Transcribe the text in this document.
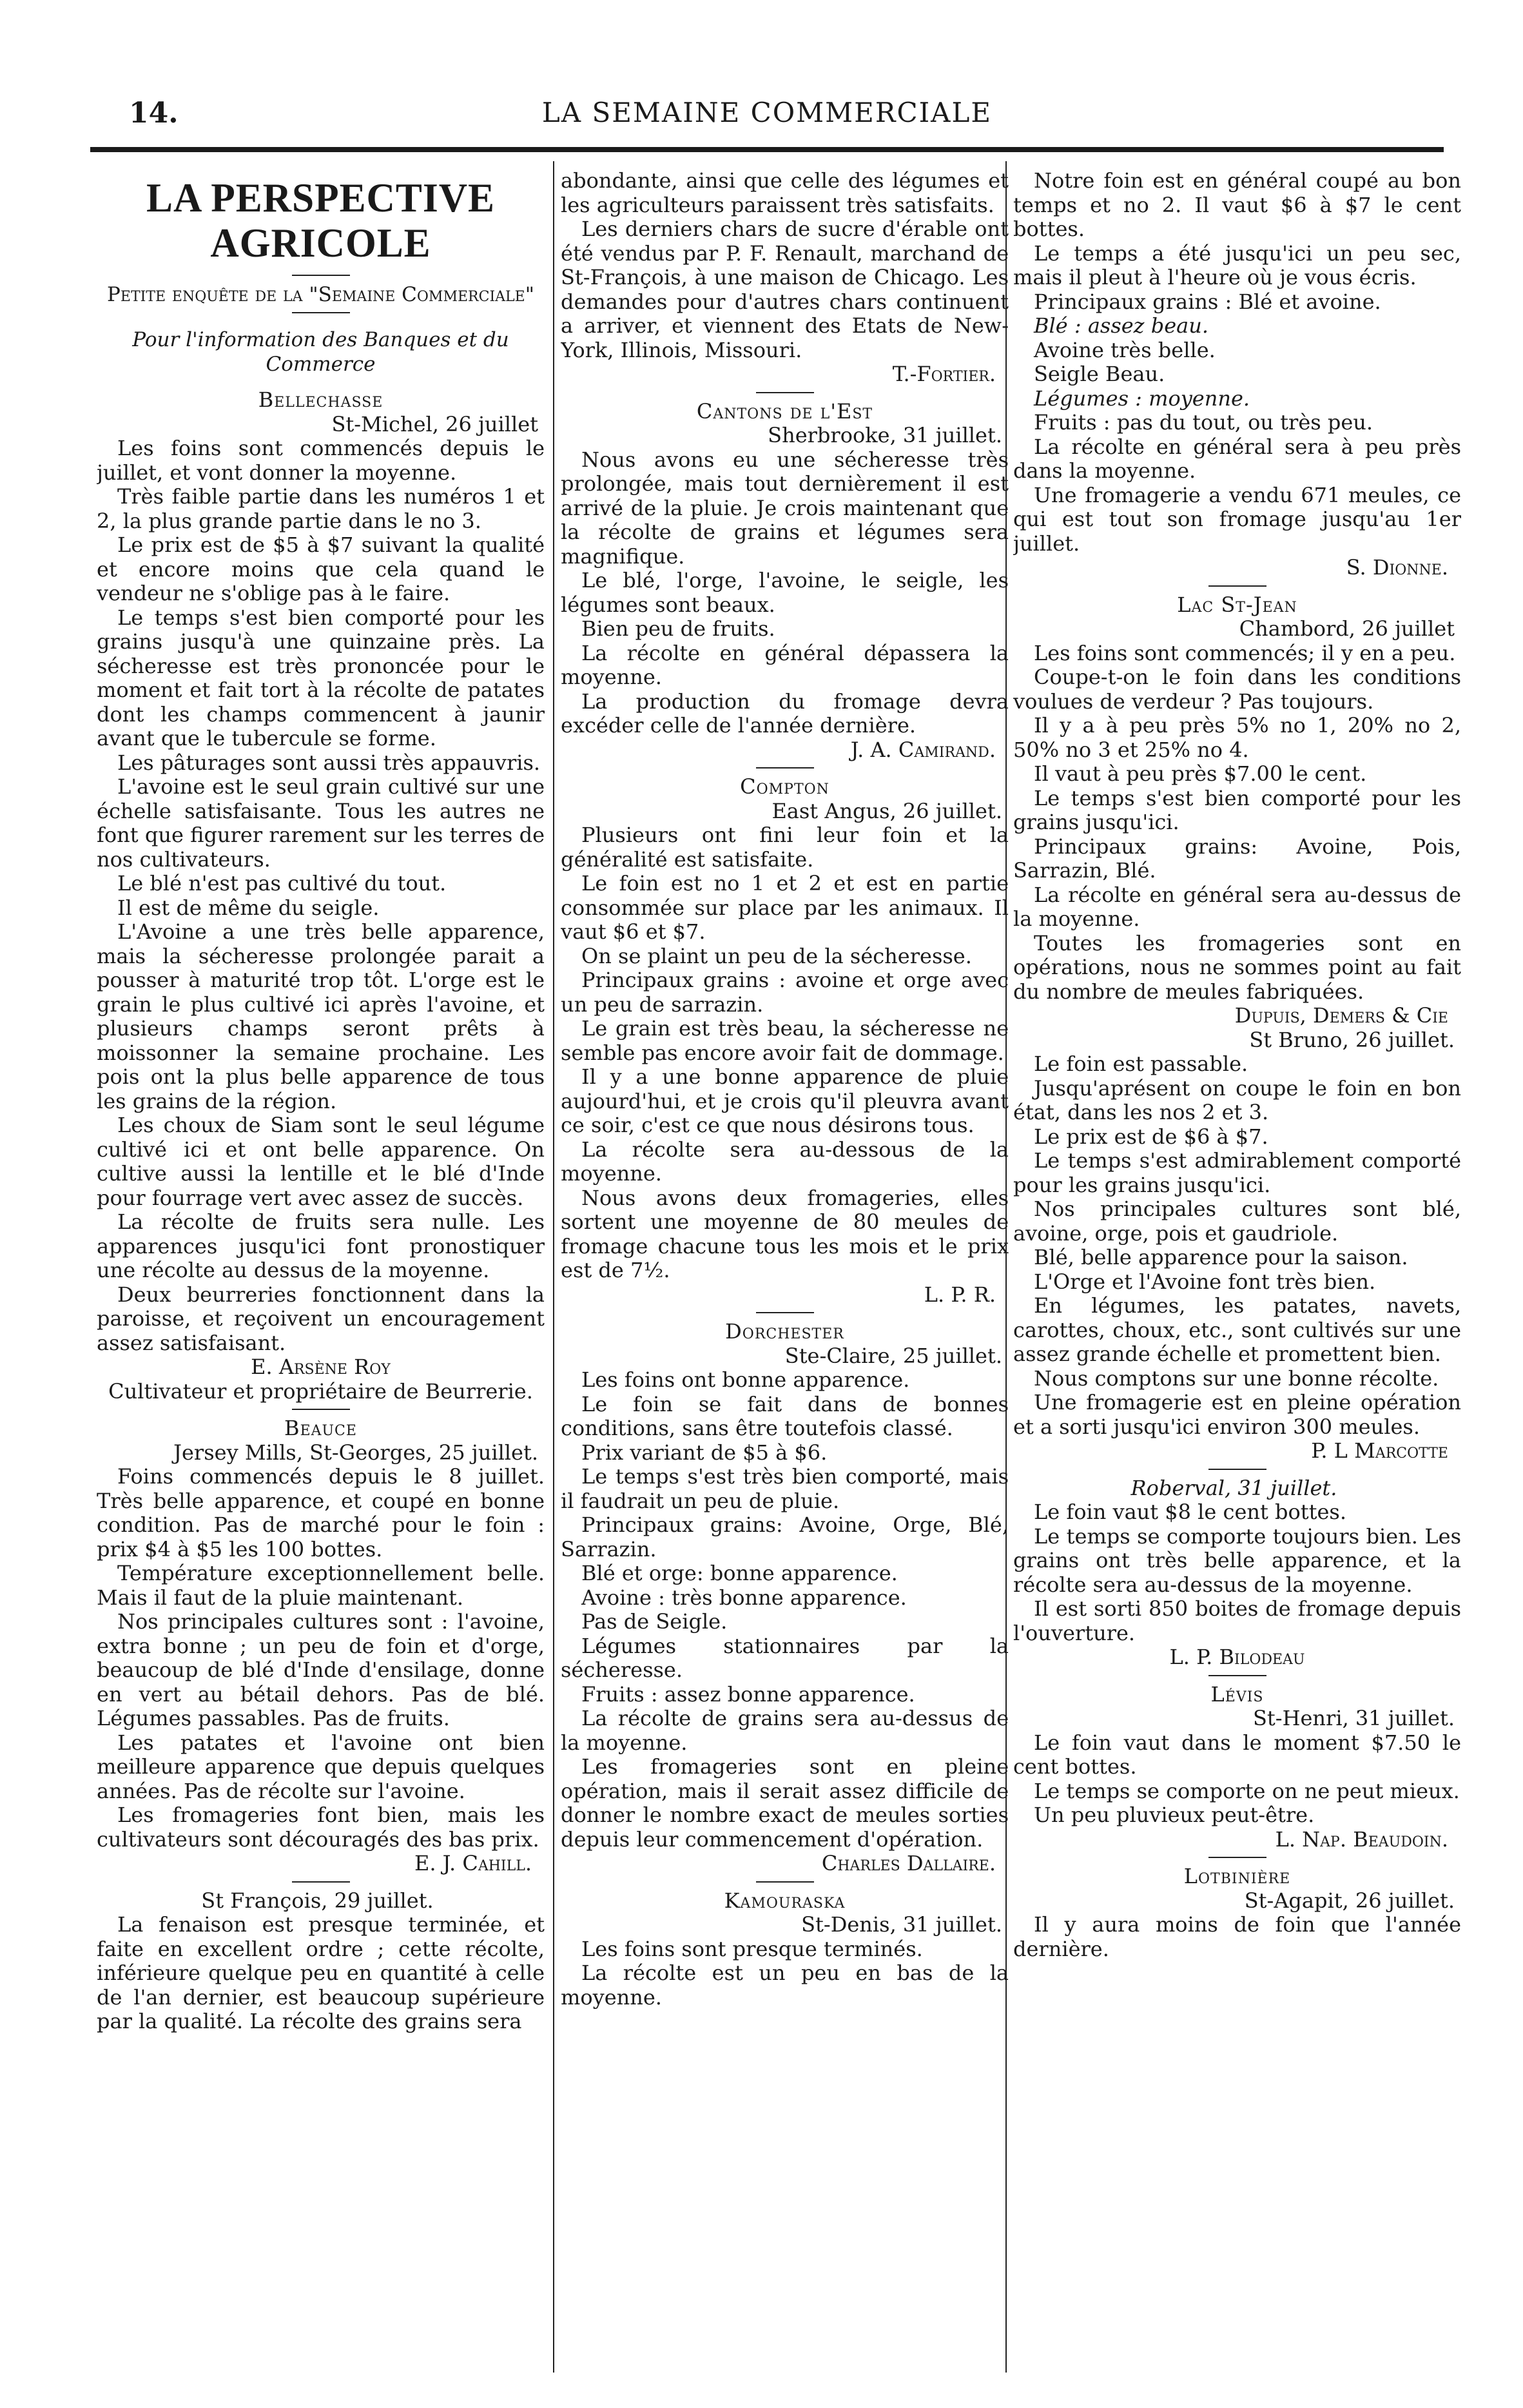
14.	LA SEMAINE COMMERCIALE
LA PERSPECTIVE AGRICOLE

Petite enquête de la "Semaine Commerciale"

Pour l'information des Banques et du Commerce

Bellechasse

St-Michel, 26 juillet

Les foins sont commencés depuis le juillet, et vont donner la moyenne.

Très faible partie dans les numéros 1 et 2, la plus grande partie dans le no 3.

Le prix est de $5 à $7 suivant la qualité et encore moins que cela quand le vendeur ne s'oblige pas à le faire.

Le temps s'est bien comporté pour les grains jusqu'à une quinzaine près. La sécheresse est très prononcée pour le moment et fait tort à la récolte de patates dont les champs commencent à jaunir avant que le tubercule se forme.

Les pâturages sont aussi très appauvris.

L'avoine est le seul grain cultivé sur une échelle satisfaisante. Tous les autres ne font que figurer rarement sur les terres de nos cultivateurs.

Le blé n'est pas cultivé du tout.

Il est de même du seigle.

L'Avoine a une très belle apparence, mais la sécheresse prolongée parait a pousser à maturité trop tôt. L'orge est le grain le plus cultivé ici après l'avoine, et plusieurs champs seront prêts à moissonner la semaine prochaine. Les pois ont la plus belle apparence de tous les grains de la région.

Les choux de Siam sont le seul légume cultivé ici et ont belle apparence. On cultive aussi la lentille et le blé d'Inde pour fourrage vert avec assez de succès.

La récolte de fruits sera nulle. Les apparences jusqu'ici font pronostiquer une récolte au dessus de la moyenne.

Deux beurreries fonctionnent dans la paroisse, et reçoivent un encouragement assez satisfaisant.

E. Arsène Roy

Cultivateur et propriétaire de Beurrerie.

Beauce

Jersey Mills, St-Georges, 25 juillet.

Foins commencés depuis le 8 juillet. Très belle apparence, et coupé en bonne condition. Pas de marché pour le foin : prix $4 à $5 les 100 bottes.

Température exceptionnellement belle. Mais il faut de la pluie maintenant.

Nos principales cultures sont : l'avoine, extra bonne ; un peu de foin et d'orge, beaucoup de blé d'Inde d'ensilage, donne en vert au bétail dehors. Pas de blé. Légumes passables. Pas de fruits.

Les patates et l'avoine ont bien meilleure apparence que depuis quelques années. Pas de récolte sur l'avoine.

Les fromageries font bien, mais les cultivateurs sont découragés des bas prix.

E. J. Cahill.

St François, 29 juillet.

La fenaison est presque terminée, et faite en excellent ordre ; cette récolte, inférieure quelque peu en quantité à celle de l'an dernier, est beaucoup supérieure par la qualité. La récolte des grains sera

abondante, ainsi que celle des légumes et les agriculteurs paraissent très satisfaits.

Les derniers chars de sucre d'érable ont été vendus par P. F. Renault, marchand de St-François, à une maison de Chicago. Les demandes pour d'autres chars continuent a arriver, et viennent des Etats de New-York, Illinois, Missouri.

T.-Fortier.

Cantons de l'Est

Sherbrooke, 31 juillet.

Nous avons eu une sécheresse très prolongée, mais tout dernièrement il est arrivé de la pluie. Je crois maintenant que la récolte de grains et légumes sera magnifique.

Le blé, l'orge, l'avoine, le seigle, les légumes sont beaux.

Bien peu de fruits.

La récolte en général dépassera la moyenne.

La production du fromage devra excéder celle de l'année dernière.

J. A. Camirand.

Compton

East Angus, 26 juillet.

Plusieurs ont fini leur foin et la généralité est satisfaite.

Le foin est no 1 et 2 et est en partie consommée sur place par les animaux. Il vaut $6 et $7.

On se plaint un peu de la sécheresse.

Principaux grains : avoine et orge avec un peu de sarrazin.

Le grain est très beau, la sécheresse ne semble pas encore avoir fait de dommage.

Il y a une bonne apparence de pluie aujourd'hui, et je crois qu'il pleuvra avant ce soir, c'est ce que nous désirons tous.

La récolte sera au-dessous de la moyenne.

Nous avons deux fromageries, elles sortent une moyenne de 80 meules de fromage chacune tous les mois et le prix est de 7½.

L. P. R.

Dorchester

Ste-Claire, 25 juillet.

Les foins ont bonne apparence.

Le foin se fait dans de bonnes conditions, sans être toutefois classé.

Prix variant de $5 à $6.

Le temps s'est très bien comporté, mais il faudrait un peu de pluie.

Principaux grains: Avoine, Orge, Blé, Sarrazin.

Blé et orge: bonne apparence.

Avoine : très bonne apparence.

Pas de Seigle.

Légumes stationnaires par la sécheresse.

Fruits : assez bonne apparence.

La récolte de grains sera au-dessus de la moyenne.

Les fromageries sont en pleine opération, mais il serait assez difficile de donner le nombre exact de meules sorties depuis leur commencement d'opération.

Charles Dallaire.

Kamouraska

St-Denis, 31 juillet.

Les foins sont presque terminés.

La récolte est un peu en bas de la moyenne.

Notre foin est en général coupé au bon temps et no 2. Il vaut $6 à $7 le cent bottes.

Le temps a été jusqu'ici un peu sec, mais il pleut à l'heure où je vous écris.

Principaux grains : Blé et avoine.

Blé : assez beau.

Avoine très belle.

Seigle Beau.

Légumes : moyenne.

Fruits : pas du tout, ou très peu.

La récolte en général sera à peu près dans la moyenne.

Une fromagerie a vendu 671 meules, ce qui est tout son fromage jusqu'au 1er juillet.

S. Dionne.

Lac St-Jean

Chambord, 26 juillet

Les foins sont commencés; il y en a peu.

Coupe-t-on le foin dans les conditions voulues de verdeur ? Pas toujours.

Il y a à peu près 5% no 1, 20% no 2, 50% no 3 et 25% no 4.

Il vaut à peu près $7.00 le cent.

Le temps s'est bien comporté pour les grains jusqu'ici.

Principaux grains: Avoine, Pois, Sarrazin, Blé.

La récolte en général sera au-dessus de la moyenne.

Toutes les fromageries sont en opérations, nous ne sommes point au fait du nombre de meules fabriquées.

Dupuis, Demers & Cie

St Bruno, 26 juillet.

Le foin est passable.

Jusqu'aprésent on coupe le foin en bon état, dans les nos 2 et 3.

Le prix est de $6 à $7.

Le temps s'est admirablement comporté pour les grains jusqu'ici.

Nos principales cultures sont blé, avoine, orge, pois et gaudriole.

Blé, belle apparence pour la saison.

L'Orge et l'Avoine font très bien.

En légumes, les patates, navets, carottes, choux, etc., sont cultivés sur une assez grande échelle et promettent bien.

Nous comptons sur une bonne récolte.

Une fromagerie est en pleine opération et a sorti jusqu'ici environ 300 meules.

P. L Marcotte

Roberval, 31 juillet.

Le foin vaut $8 le cent bottes.

Le temps se comporte toujours bien. Les grains ont très belle apparence, et la récolte sera au-dessus de la moyenne.

Il est sorti 850 boites de fromage depuis l'ouverture.

L. P. Bilodeau

Lévis

St-Henri, 31 juillet.

Le foin vaut dans le moment $7.50 le cent bottes.

Le temps se comporte on ne peut mieux.

Un peu pluvieux peut-être.

L. Nap. Beaudoin.

Lotbinière

St-Agapit, 26 juillet.

Il y aura moins de foin que l'année dernière.
